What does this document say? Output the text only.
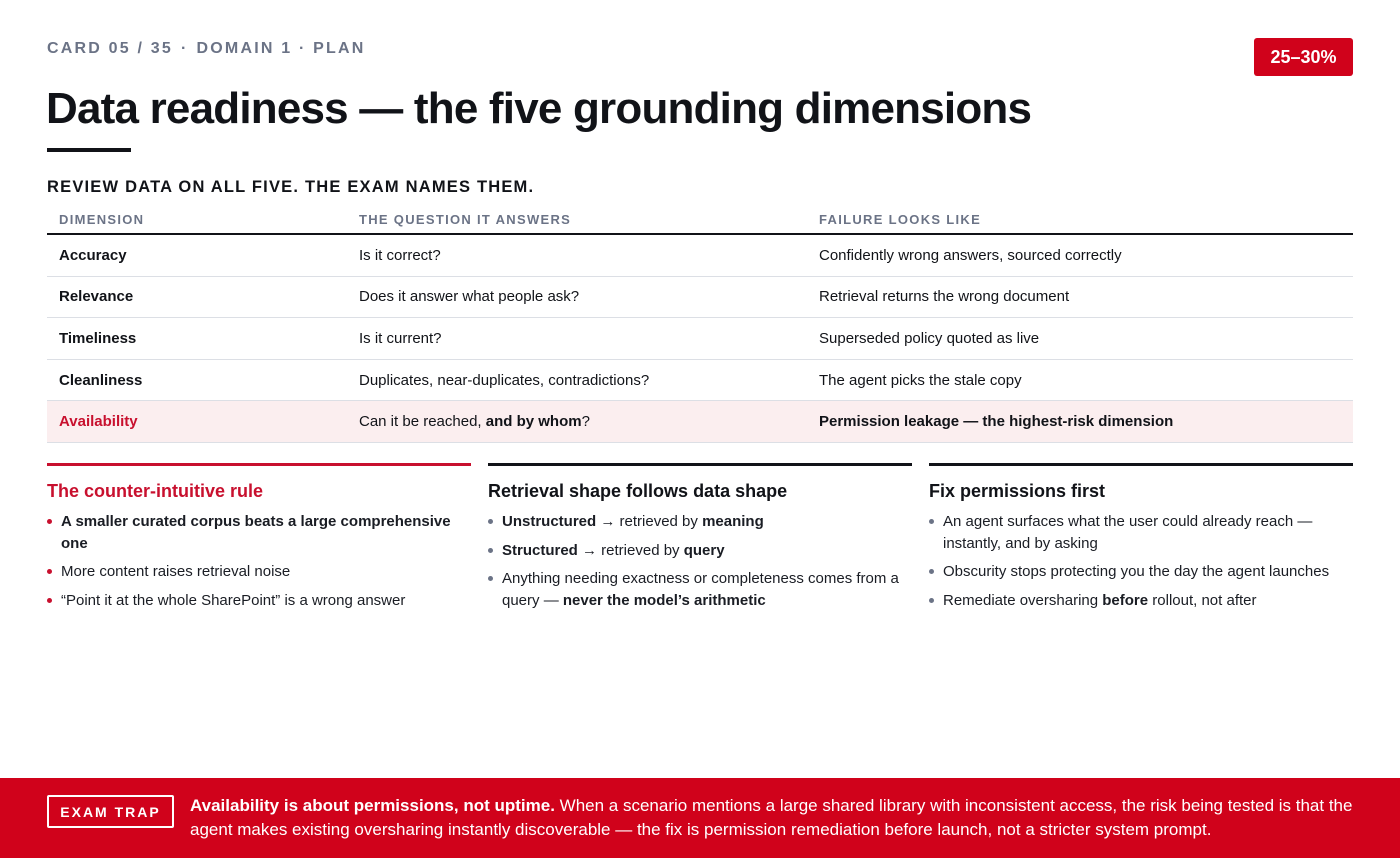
CARD 05 / 35 · DOMAIN 1 · PLAN	25–30%
Data readiness — the five grounding dimensions
REVIEW DATA ON ALL FIVE. THE EXAM NAMES THEM.
DIMENSION	THE QUESTION IT ANSWERS	FAILURE LOOKS LIKE
Accuracy	Is it correct?	Confidently wrong answers, sourced correctly
Relevance	Does it answer what people ask?	Retrieval returns the wrong document
Timeliness	Is it current?	Superseded policy quoted as live
Cleanliness	Duplicates, near-duplicates, contradictions?	The agent picks the stale copy
Availability	Can it be reached, and by whom?	Permission leakage — the highest-risk dimension
The counter-intuitive rule
A smaller curated corpus beats a large comprehensive one
More content raises retrieval noise
“Point it at the whole SharePoint” is a wrong answer
Retrieval shape follows data shape
Unstructured → retrieved by meaning
Structured → retrieved by query
Anything needing exactness or completeness comes from a query — never the model’s arithmetic
Fix permissions first
An agent surfaces what the user could already reach — instantly, and by asking
Obscurity stops protecting you the day the agent launches
Remediate oversharing before rollout, not after
EXAM TRAP	Availability is about permissions, not uptime. When a scenario mentions a large shared library with inconsistent access, the risk being tested is that the agent makes existing oversharing instantly discoverable — the fix is permission remediation before launch, not a stricter system prompt.
